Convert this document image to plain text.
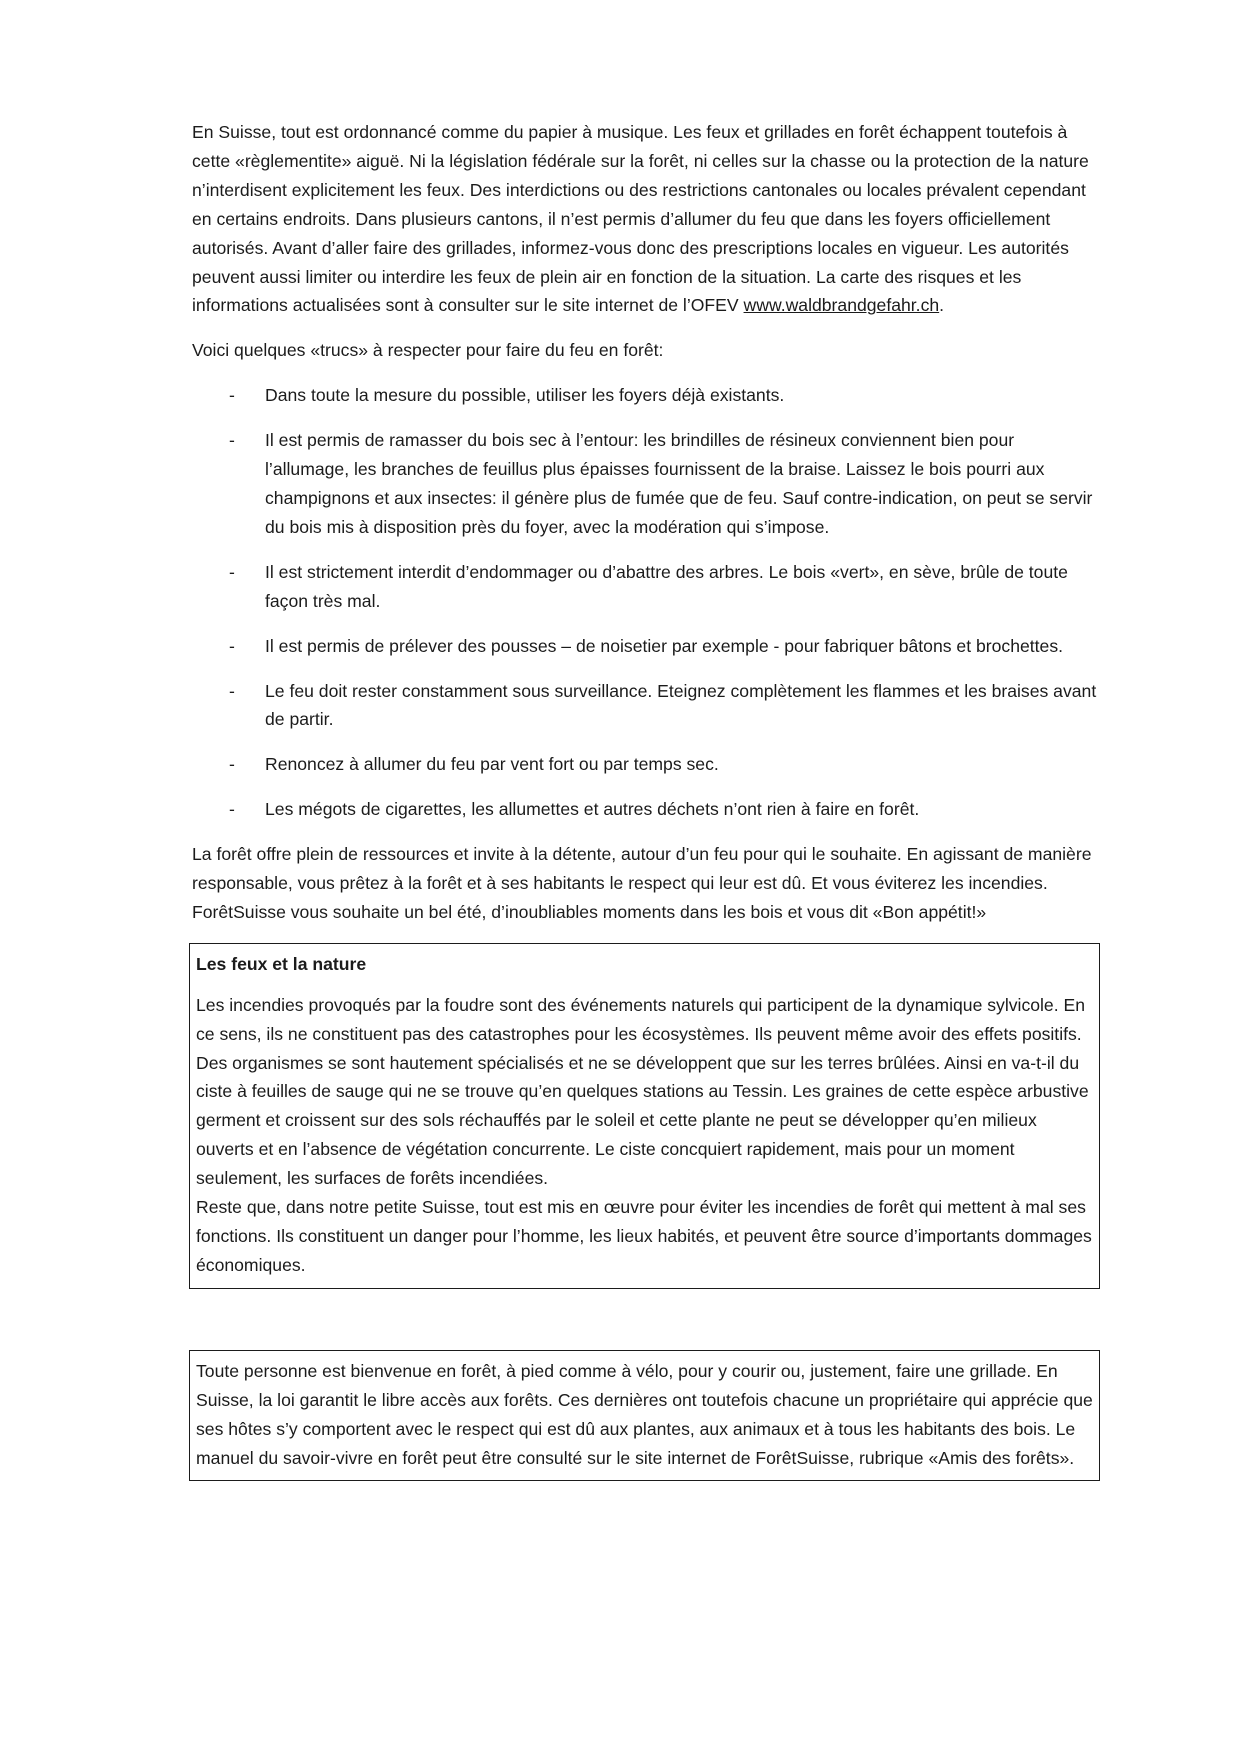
En Suisse, tout est ordonnancé comme du papier à musique. Les feux et grillades en forêt échappent toutefois à cette «règlementite» aiguë. Ni la législation fédérale sur la forêt, ni celles sur la chasse ou la protection de la nature n’interdisent explicitement les feux. Des interdictions ou des restrictions cantonales ou locales prévalent cependant en certains endroits. Dans plusieurs cantons, il n’est permis d’allumer du feu que dans les foyers officiellement autorisés. Avant d’aller faire des grillades, informez-vous donc des prescriptions locales en vigueur. Les autorités peuvent aussi limiter ou interdire les feux de plein air en fonction de la situation. La carte des risques et les informations actualisées sont à consulter sur le site internet de l’OFEV www.waldbrandgefahr.ch.

Voici quelques «trucs» à respecter pour faire du feu en forêt:

- Dans toute la mesure du possible, utiliser les foyers déjà existants.
- Il est permis de ramasser du bois sec à l’entour: les brindilles de résineux conviennent bien pour l’allumage, les branches de feuillus plus épaisses fournissent de la braise. Laissez le bois pourri aux champignons et aux insectes: il génère plus de fumée que de feu. Sauf contre-indication, on peut se servir du bois mis à disposition près du foyer, avec la modération qui s’impose.
- Il est strictement interdit d’endommager ou d’abattre des arbres. Le bois «vert», en sève, brûle de toute façon très mal.
- Il est permis de prélever des pousses – de noisetier par exemple - pour fabriquer bâtons et brochettes.
- Le feu doit rester constamment sous surveillance. Eteignez complètement les flammes et les braises avant de partir.
- Renoncez à allumer du feu par vent fort ou par temps sec.
- Les mégots de cigarettes, les allumettes et autres déchets n’ont rien à faire en forêt.

La forêt offre plein de ressources et invite à la détente, autour d’un feu pour qui le souhaite. En agissant de manière responsable, vous prêtez à la forêt et à ses habitants le respect qui leur est dû. Et vous éviterez les incendies. ForêtSuisse vous souhaite un bel été, d’inoubliables moments dans les bois et vous dit «Bon appétit!»

Les feux et la nature

Les incendies provoqués par la foudre sont des événements naturels qui participent de la dynamique sylvicole. En ce sens, ils ne constituent pas des catastrophes pour les écosystèmes. Ils peuvent même avoir des effets positifs. Des organismes se sont hautement spécialisés et ne se développent que sur les terres brûlées. Ainsi en va-t-il du ciste à feuilles de sauge qui ne se trouve qu’en quelques stations au Tessin. Les graines de cette espèce arbustive germent et croissent sur des sols réchauffés par le soleil et cette plante ne peut se développer qu’en milieux ouverts et en l’absence de végétation concurrente. Le ciste concquiert rapidement, mais pour un moment seulement, les surfaces de forêts incendiées.

Reste que, dans notre petite Suisse, tout est mis en œuvre pour éviter les incendies de forêt qui mettent à mal ses fonctions. Ils constituent un danger pour l’homme, les lieux habités, et peuvent être source d’importants dommages économiques.

Toute personne est bienvenue en forêt, à pied comme à vélo, pour y courir ou, justement, faire une grillade. En Suisse, la loi garantit le libre accès aux forêts. Ces dernières ont toutefois chacune un propriétaire qui apprécie que ses hôtes s’y comportent avec le respect qui est dû aux plantes, aux animaux et à tous les habitants des bois. Le manuel du savoir-vivre en forêt peut être consulté sur le site internet de ForêtSuisse, rubrique «Amis des forêts».
